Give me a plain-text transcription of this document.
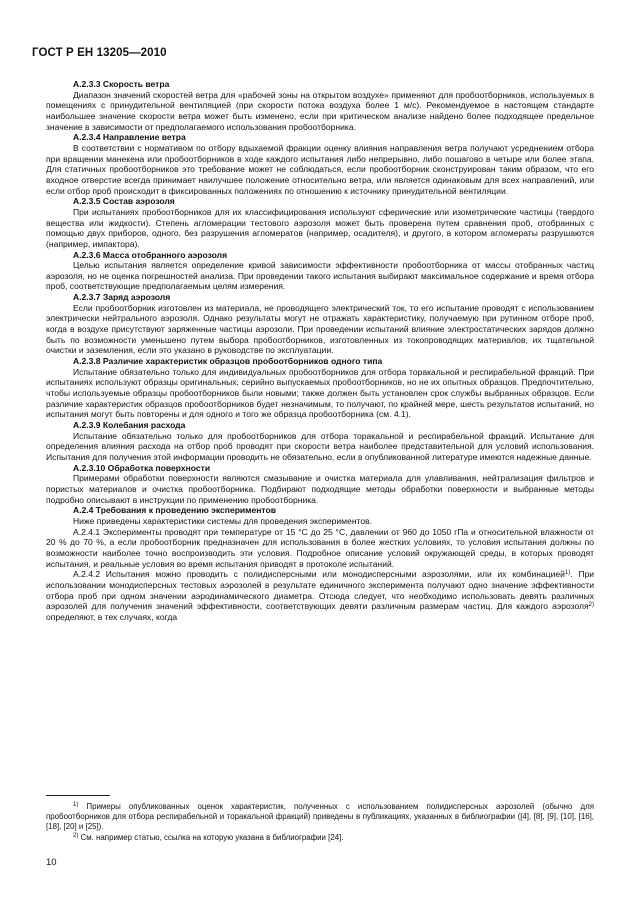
ГОСТ Р ЕН 13205—2010

A.2.3.3 Скорость ветра

Диапазон значений скоростей ветра для «рабочей зоны на открытом воздухе» применяют для пробоотборников, используемых в помещениях с принудительной вентиляцией (при скорости потока воздуха более 1 м/с). Рекомендуемое в настоящем стандарте наибольшее значение скорости ветра может быть изменено, если при критическом анализе найдено более подходящее предельное значение в зависимости от предполагаемого использования пробоотборника.

A.2.3.4 Направление ветра

В соответствии с нормативом по отбору вдыхаемой фракции оценку влияния направления ветра получают усреднением отбора при вращении манекена или пробоотборников в ходе каждого испытания либо непрерывно, либо пошагово в четыре или более этапа. Для статичных пробоотборников это требование может не соблюдаться, если пробоотборник сконструирован таким образом, что его входное отверстие всегда принимает наилучшее положение относительно ветра, или является одинаковым для всех направлений, или если отбор проб происходит в фиксированных положениях по отношению к источнику принудительной вентиляции.

A.2.3.5 Состав аэрозоля

При испытаниях пробоотборников для их классифицирования используют сферические или изометрические частицы (твердого вещества или жидкости). Степень агломерации тестового аэрозоля может быть проверена путем сравнения проб, отобранных с помощью двух приборов, одного, без разрушения агломератов (например, осадителя), и другого, в котором агломераты разрушаются (например, импактора).

A.2.3.6 Масса отобранного аэрозоля

Целью испытания является определение кривой зависимости эффективности пробоотборника от массы отобранных частиц аэрозоля, но не оценка погрешностей анализа. При проведении такого испытания выбирают максимальное содержание и время отбора проб, соответствующие предполагаемым целям измерения.

A.2.3.7 Заряд аэрозоля

Если пробоотборник изготовлен из материала, не проводящего электрический ток, то его испытание проводят с использованием электрически нейтрального аэрозоля. Однако результаты могут не отражать характеристику, получаемую при рутинном отборе проб, когда в воздухе присутствуют заряженные частицы аэрозоли. При проведении испытаний влияние электростатических зарядов должно быть по возможности уменьшено путем выбора пробоотборников, изготовленных из токопроводящих материалов, их тщательной очистки и заземления, если это указано в руководстве по эксплуатации.

A.2.3.8 Различие характеристик образцов пробоотборников одного типа

Испытание обязательно только для индивидуальных пробоотборников для отбора торакальной и респирабельной фракций. При испытаниях используют образцы оригинальных, серийно выпускаемых пробоотборников, но не их опытных образцов. Предпочтительно, чтобы используемые образцы пробоотборников были новыми; также должен быть установлен срок службы выбранных образцов. Если различие характеристик образцов пробоотборников будет незначимым, то получают, по крайней мере, шесть результатов испытаний, но испытания могут быть повторены и для одного и того же образца пробоотборника (см. 4.1).

A.2.3.9 Колебания расхода

Испытание обязательно только для пробоотборников для отбора торакальной и респирабельной фракций. Испытание для определения влияния расхода на отбор проб проводят при скорости ветра наиболее представительной для условий использования. Испытания для получения этой информации проводить не обязательно, если в опубликованной литературе имеются надежные данные.

A.2.3.10 Обработка поверхности

Примерами обработки поверхности являются смазывание и очистка материала для улавливания, нейтрализация фильтров и пористых материалов и очистка пробоотборника. Подбирают подходящие методы обработки поверхности и выбранные методы подробно описывают в инструкции по применению пробоотборника.

A.2.4 Требования к проведению экспериментов

Ниже приведены характеристики системы для проведения экспериментов.

A.2.4.1 Эксперименты проводят при температуре от 15 °С до 25 °С, давлении от 960 до 1050 гПа и относительной влажности от 20 % до 70 %, а если пробоотборник предназначен для использования в более жестких условиях, то условия испытания должны по возможности наиболее точно воспроизводить эти условия. Подробное описание условий окружающей среды, в которых проводят испытания, и реальные условия во время испытания приводят в протоколе испытаний.

A.2.4.2 Испытания можно проводить с полидисперсными или монодисперсными аэрозолями, или их комбинацией$^{1)}$. При использовании монодисперсных тестовых аэрозолей в результате единичного эксперимента получают одно значение эффективности отбора проб при одном значении аэродинамического диаметра. Отсюда следует, что необходимо использовать девять различных аэрозолей для получения значений эффективности, соответствующих девяти различным размерам частиц. Для каждого аэрозоля$^{2)}$ определяют, в тех случаях, когда

$^{1)}$ Примеры опубликованных оценок характеристик, полученных с использованием полидисперсных аэрозолей (обычно для пробоотборников для отбора респирабельной и торакальной фракций) приведены в публикациях, указанных в библиографии ([4], [8], [9], [10], [16], [18], [20] и [25]).

$^{2)}$ См. например статью, ссылка на которую указана в библиографии [24].

10
